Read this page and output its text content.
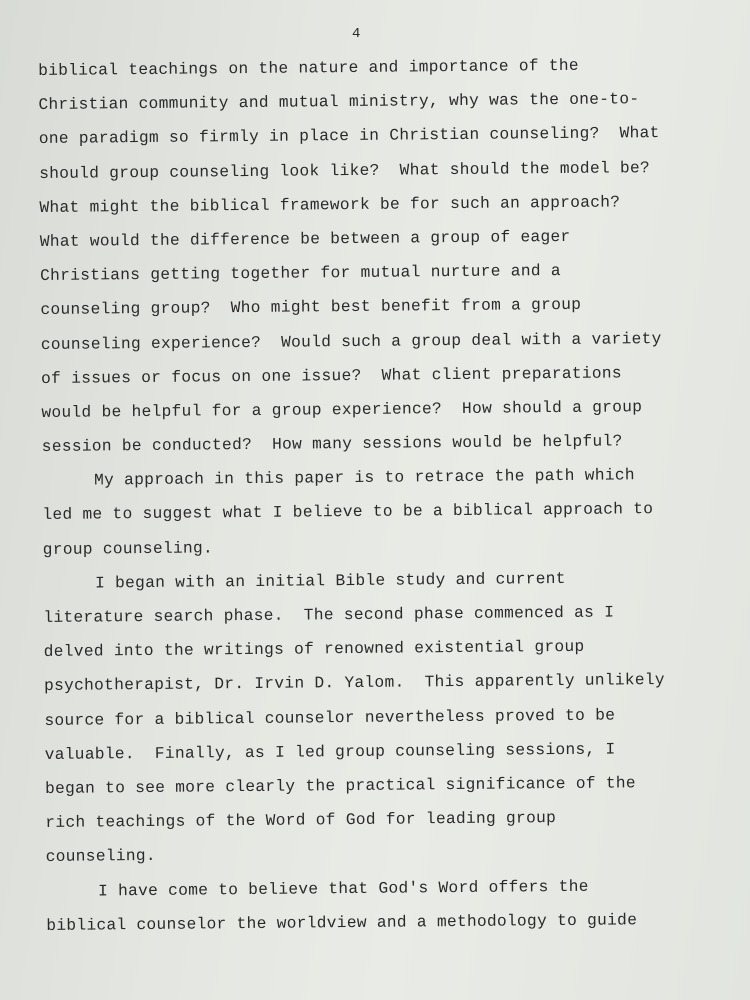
4
biblical teachings on the nature and importance of the
Christian community and mutual ministry, why was the one-to-
one paradigm so firmly in place in Christian counseling?  What
should group counseling look like?  What should the model be?
What might the biblical framework be for such an approach?
What would the difference be between a group of eager
Christians getting together for mutual nurture and a
counseling group?  Who might best benefit from a group
counseling experience?  Would such a group deal with a variety
of issues or focus on one issue?  What client preparations
would be helpful for a group experience?  How should a group
session be conducted?  How many sessions would be helpful?
My approach in this paper is to retrace the path which
led me to suggest what I believe to be a biblical approach to
group counseling.
I began with an initial Bible study and current
literature search phase.  The second phase commenced as I
delved into the writings of renowned existential group
psychotherapist, Dr. Irvin D. Yalom.  This apparently unlikely
source for a biblical counselor nevertheless proved to be
valuable.  Finally, as I led group counseling sessions, I
began to see more clearly the practical significance of the
rich teachings of the Word of God for leading group
counseling.
I have come to believe that God's Word offers the
biblical counselor the worldview and a methodology to guide
